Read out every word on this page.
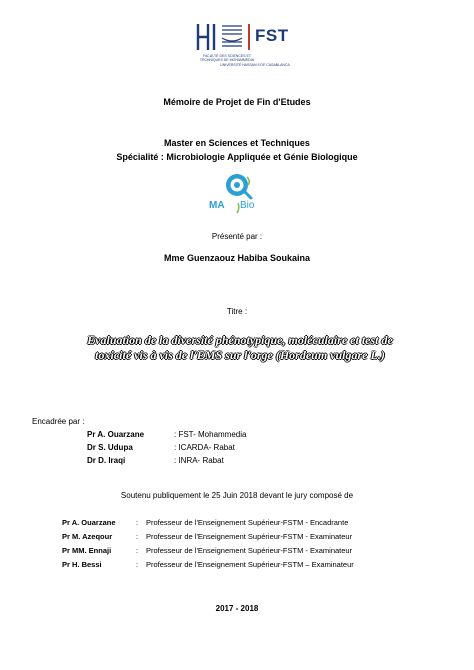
FST
FACULTÉ DES SCIENCES ET TECHNIQUES DE MOHAMMEDIA
UNIVERSITÉ HASSAN II DE CASABLANCA
Mémoire de Projet de Fin d'Etudes
Master en Sciences et Techniques
Spécialité : Microbiologie Appliquée et Génie Biologique
MA Bio
Présenté par :
Mme Guenzaouz Habiba Soukaina
Titre :
Evaluation de la diversité phénotypique, moléculaire et test de
toxicité vis à vis de l'EMS sur l'orge (Hordeum vulgare L.)
Encadrée par :
Pr A. Ouarzane	: FST- Mohammedia
Dr S. Udupa	: ICARDA- Rabat
Dr D. Iraqi	: INRA- Rabat
Soutenu publiquement le 25 Juin 2018 devant le jury composé de
Pr A. Ouarzane	: Professeur de l'Enseignement Supérieur-FSTM - Encadrante
Pr M. Azeqour	: Professeur de l'Enseignement Supérieur-FSTM - Examinateur
Pr MM. Ennaji	: Professeur de l'Enseignement Supérieur-FSTM - Examinateur
Pr H. Bessi	: Professeur de l'Enseignement Supérieur-FSTM – Examinateur
2017 - 2018
